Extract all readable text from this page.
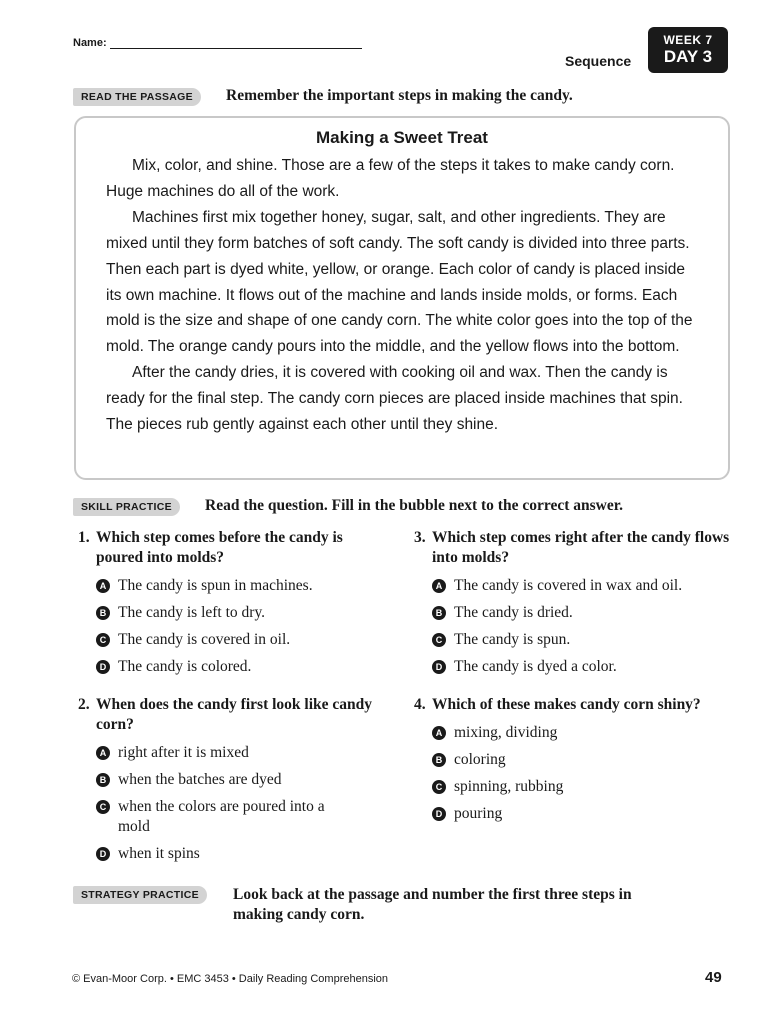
Name:
Sequence
WEEK 7
DAY 3
READ THE PASSAGE	Remember the important steps in making the candy.
Making a Sweet Treat

Mix, color, and shine. Those are a few of the steps it takes to make candy corn. Huge machines do all of the work.

Machines first mix together honey, sugar, salt, and other ingredients. They are mixed until they form batches of soft candy. The soft candy is divided into three parts. Then each part is dyed white, yellow, or orange. Each color of candy is placed inside its own machine. It flows out of the machine and lands inside molds, or forms. Each mold is the size and shape of one candy corn. The white color goes into the top of the mold. The orange candy pours into the middle, and the yellow flows into the bottom.

After the candy dries, it is covered with cooking oil and wax. Then the candy is ready for the final step. The candy corn pieces are placed inside machines that spin. The pieces rub gently against each other until they shine.

SKILL PRACTICE	Read the question. Fill in the bubble next to the correct answer.
1. Which step comes before the candy is poured into molds?
A The candy is spun in machines.
B The candy is left to dry.
C The candy is covered in oil.
D The candy is colored.
2. When does the candy first look like candy corn?
A right after it is mixed
B when the batches are dyed
C when the colors are poured into a mold
D when it spins
3. Which step comes right after the candy flows into molds?
A The candy is covered in wax and oil.
B The candy is dried.
C The candy is spun.
D The candy is dyed a color.
4. Which of these makes candy corn shiny?
A mixing, dividing
B coloring
C spinning, rubbing
D pouring
STRATEGY PRACTICE	Look back at the passage and number the first three steps in making candy corn.
© Evan-Moor Corp. • EMC 3453 • Daily Reading Comprehension	49
